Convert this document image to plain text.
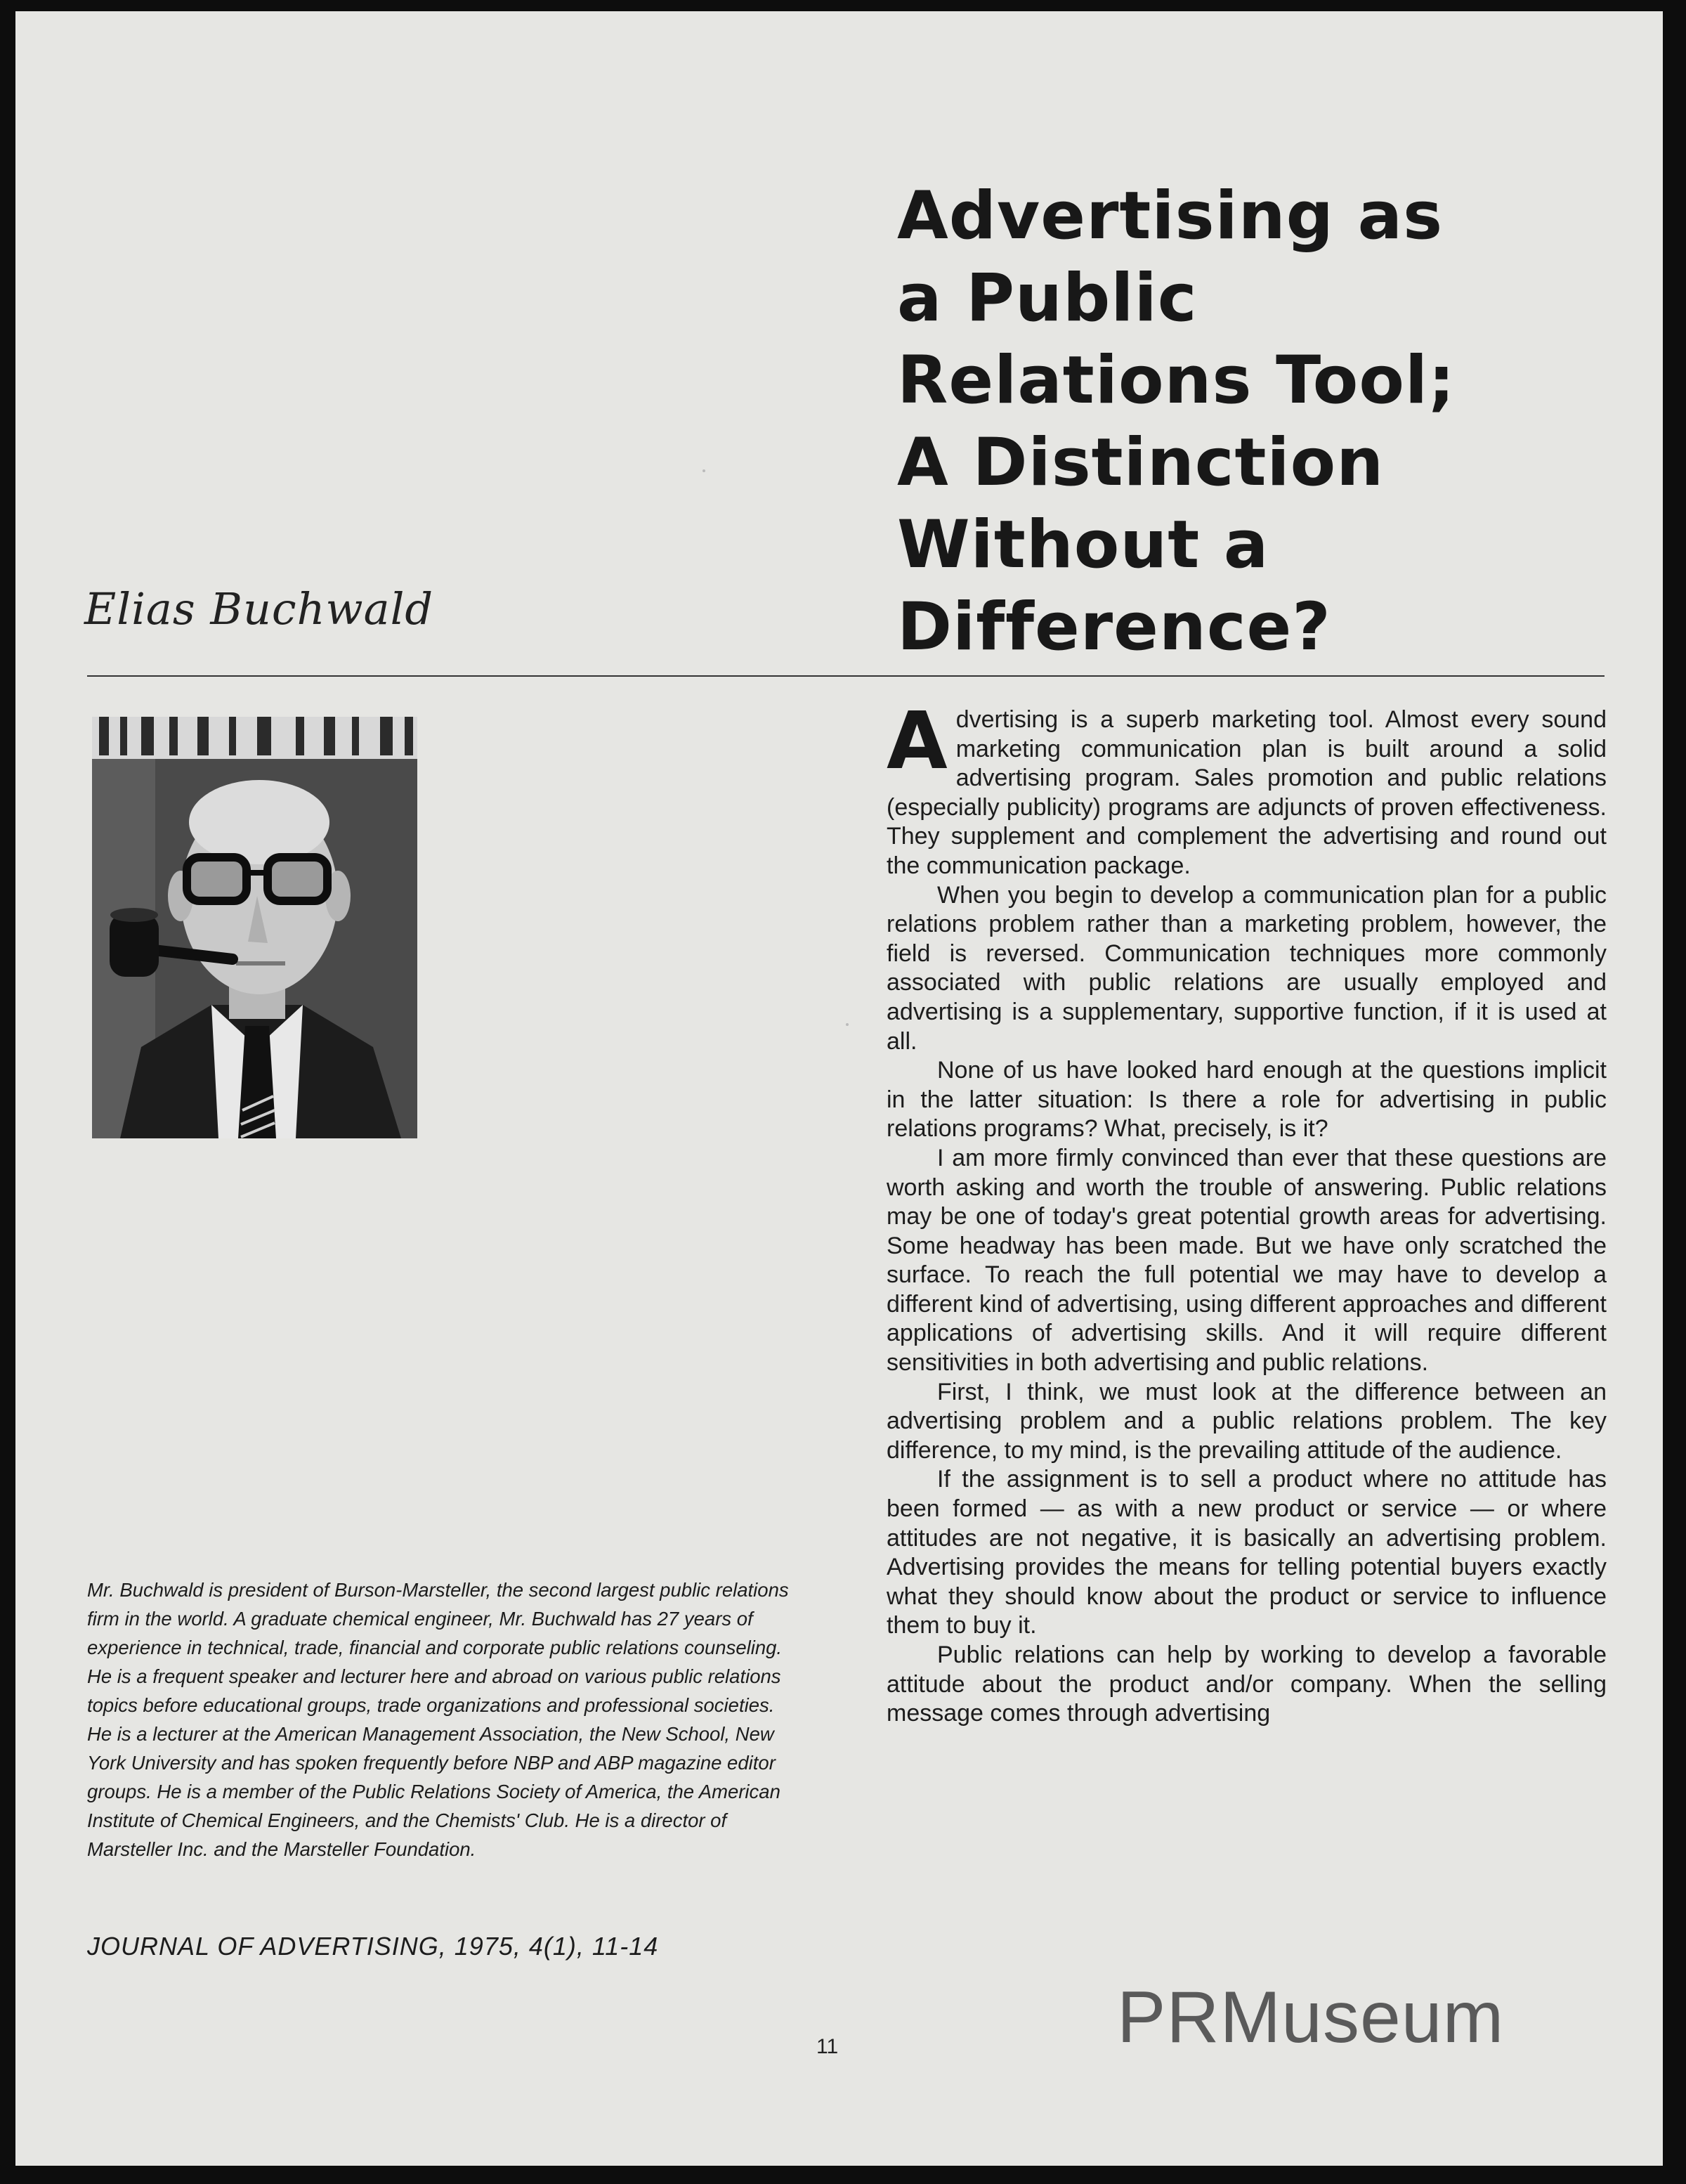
Advertising as
a Public
Relations Tool;
A Distinction
Without a
Difference?
Elias Buchwald
Mr. Buchwald is president of Burson-Marsteller, the second largest public relations firm in the world. A graduate chemical engineer, Mr. Buchwald has 27 years of experience in technical, trade, financial and corporate public relations counseling. He is a frequent speaker and lecturer here and abroad on various public relations topics before educational groups, trade organizations and professional societies. He is a lecturer at the American Management Association, the New School, New York University and has spoken frequently before NBP and ABP magazine editor groups. He is a member of the Public Relations Society of America, the American Institute of Chemical Engineers, and the Chemists' Club. He is a director of Marsteller Inc. and the Marsteller Foundation.
JOURNAL OF ADVERTISING, 1975, 4(1), 11-14

Advertising is a superb marketing tool. Almost every sound marketing communication plan is built around a solid advertising program. Sales promotion and public relations (especially publicity) programs are adjuncts of proven effectiveness. They supplement and complement the advertising and round out the communication package.

When you begin to develop a communication plan for a public relations problem rather than a marketing problem, however, the field is reversed. Communication techniques more commonly associated with public relations are usually employed and advertising is a supplementary, supportive function, if it is used at all.

None of us have looked hard enough at the questions implicit in the latter situation: Is there a role for advertising in public relations programs? What, precisely, is it?

I am more firmly convinced than ever that these questions are worth asking and worth the trouble of answering. Public relations may be one of today's great potential growth areas for advertising. Some headway has been made. But we have only scratched the surface. To reach the full potential we may have to develop a different kind of advertising, using different approaches and different applications of advertising skills. And it will require different sensitivities in both advertising and public relations.

First, I think, we must look at the difference between an advertising problem and a public relations problem. The key difference, to my mind, is the prevailing attitude of the audience.

If the assignment is to sell a product where no attitude has been formed — as with a new product or service — or where attitudes are not negative, it is basically an advertising problem. Advertising provides the means for telling potential buyers exactly what they should know about the product or service to influence them to buy it.

Public relations can help by working to develop a favorable attitude about the product and/or company. When the selling message comes through advertising

11	PRMuseum
